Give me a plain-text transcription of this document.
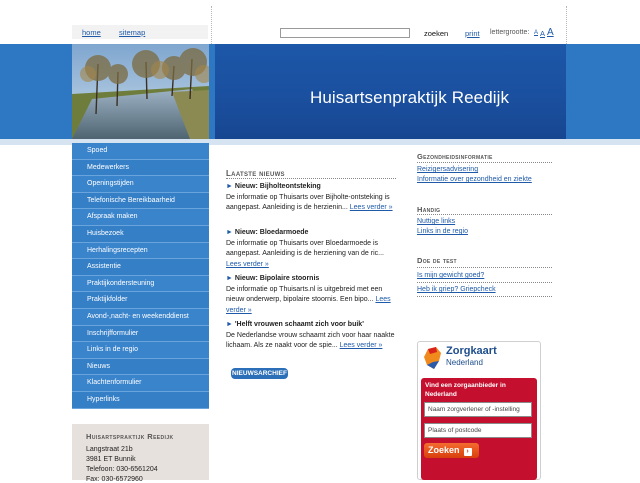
home sitemap	zoeken print lettergrootte: A A A
Huisartsenpraktijk Reedijk
Spoed
Medewerkers
Openingstijden
Telefonische Bereikbaarheid
Afspraak maken
Huisbezoek
Herhalingsrecepten
Assistentie
Praktijkondersteuning
Praktijkfolder
Avond-,nacht- en weekenddienst
Inschrijfformulier
Links in de regio
Nieuws
Klachtenformulier
Hyperlinks
Huisartspraktijk Reedijk
Langstraat 21b
3981 ET Bunnik
Telefoon: 030-6561204
Fax: 030-6572960
Laatste nieuws
► Nieuw: Bijholteontsteking
De informatie op Thuisarts over Bijholte-ontsteking is aangepast. Aanleiding is de herzienin... Lees verder »
► Nieuw: Bloedarmoede
De informatie op Thuisarts over Bloedarmoede is aangepast. Aanleiding is de herziening van de ric... Lees verder »
► Nieuw: Bipolaire stoornis
De informatie op Thuisarts.nl is uitgebreid met een nieuw onderwerp, bipolaire stoornis. Een bipo... Lees verder »
► 'Helft vrouwen schaamt zich voor buik'
De Nederlandse vrouw schaamt zich voor haar naakte lichaam. Als ze naakt voor de spie... Lees verder »
NIEUWSARCHIEF
Gezondheidsinformatie
Reizigersadvisering
Informatie over gezondheid en ziekte
Handig
Nuttige links
Links in de regio
Doe de test
Is mijn gewicht goed?
Heb ik griep? Griepcheck
Zorgkaart
Nederland
Vind een zorgaanbieder in Nederland
Naam zorgverlener of -instelling
Plaats of postcode
Zoeken ›
